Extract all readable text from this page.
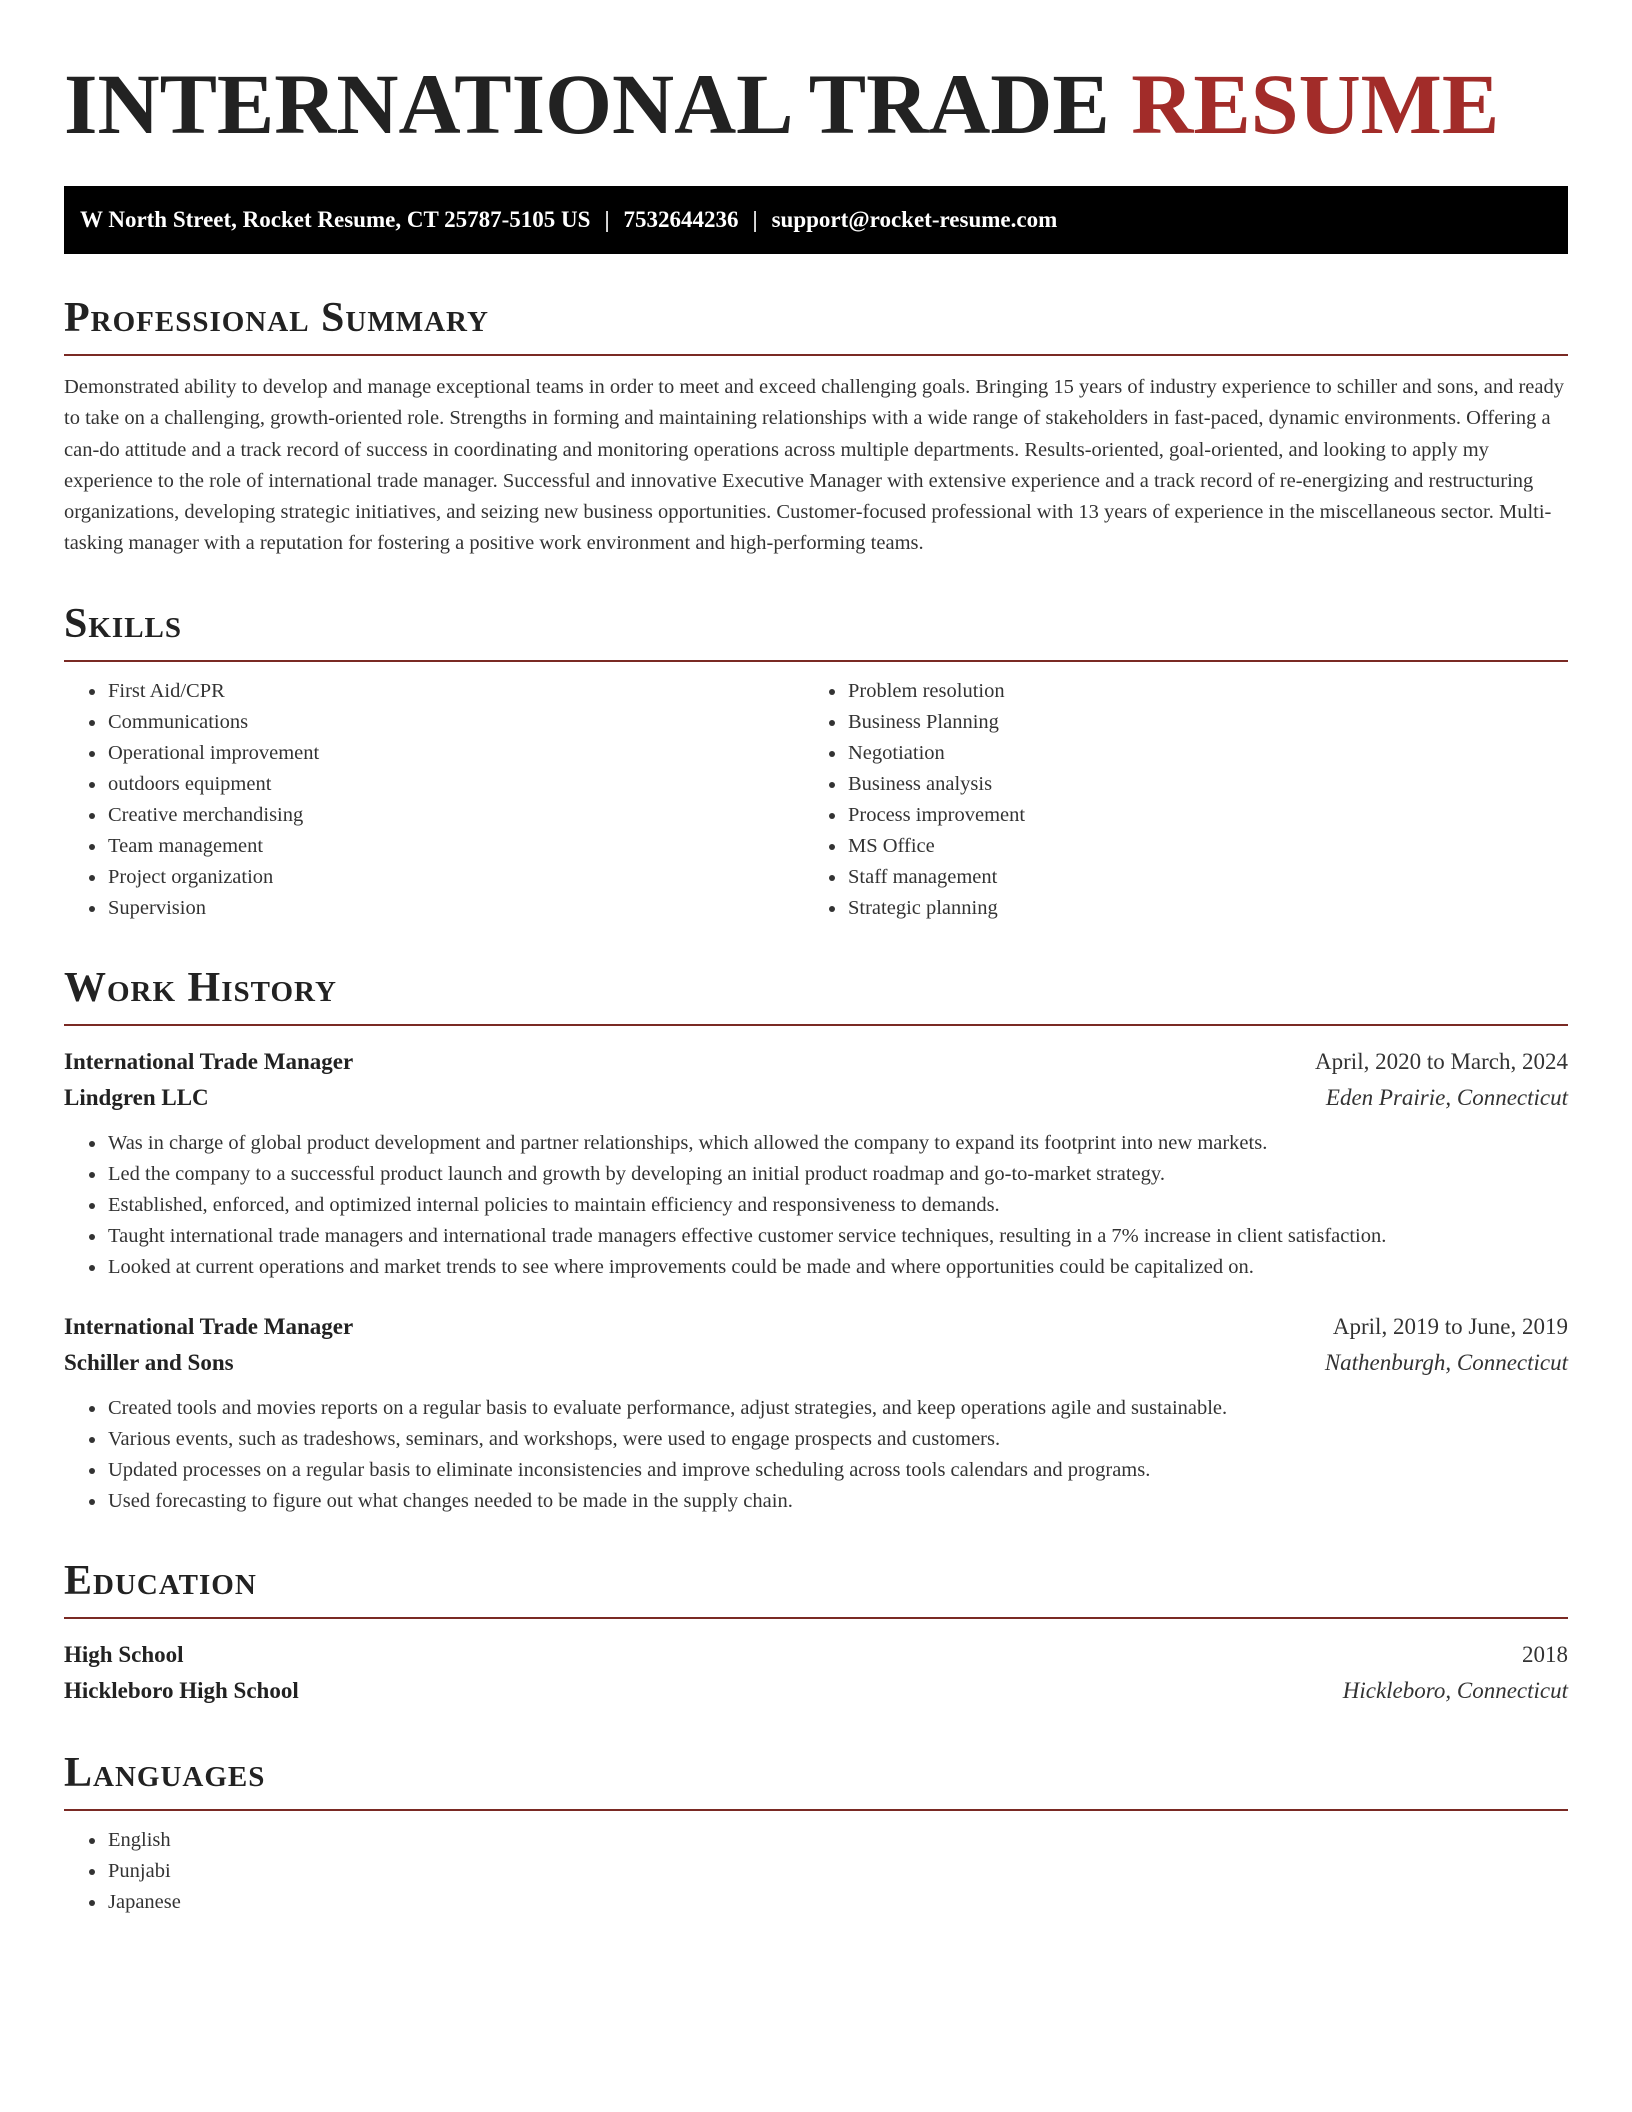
INTERNATIONAL TRADE RESUME
W North Street, Rocket Resume, CT 25787-5105 US | 7532644236 | support@rocket-resume.com
Professional Summary

Demonstrated ability to develop and manage exceptional teams in order to meet and exceed challenging goals. Bringing 15 years of industry experience to schiller and sons, and ready to take on a challenging, growth-oriented role. Strengths in forming and maintaining relationships with a wide range of stakeholders in fast-paced, dynamic environments. Offering a can-do attitude and a track record of success in coordinating and monitoring operations across multiple departments. Results-oriented, goal-oriented, and looking to apply my experience to the role of international trade manager. Successful and innovative Executive Manager with extensive experience and a track record of re-energizing and restructuring organizations, developing strategic initiatives, and seizing new business opportunities. Customer-focused professional with 13 years of experience in the miscellaneous sector. Multi-tasking manager with a reputation for fostering a positive work environment and high-performing teams.

Skills
• First Aid/CPR
• Communications
• Operational improvement
• outdoors equipment
• Creative merchandising
• Team management
• Project organization
• Supervision
• Problem resolution
• Business Planning
• Negotiation
• Business analysis
• Process improvement
• MS Office
• Staff management
• Strategic planning
Work History
International Trade Manager	April, 2020 to March, 2024
Lindgren LLC	Eden Prairie, Connecticut
• Was in charge of global product development and partner relationships, which allowed the company to expand its footprint into new markets.
• Led the company to a successful product launch and growth by developing an initial product roadmap and go-to-market strategy.
• Established, enforced, and optimized internal policies to maintain efficiency and responsiveness to demands.
• Taught international trade managers and international trade managers effective customer service techniques, resulting in a 7% increase in client satisfaction.
• Looked at current operations and market trends to see where improvements could be made and where opportunities could be capitalized on.
International Trade Manager	April, 2019 to June, 2019
Schiller and Sons	Nathenburgh, Connecticut
• Created tools and movies reports on a regular basis to evaluate performance, adjust strategies, and keep operations agile and sustainable.
• Various events, such as tradeshows, seminars, and workshops, were used to engage prospects and customers.
• Updated processes on a regular basis to eliminate inconsistencies and improve scheduling across tools calendars and programs.
• Used forecasting to figure out what changes needed to be made in the supply chain.
Education
High School	2018
Hickleboro High School	Hickleboro, Connecticut
Languages
• English
• Punjabi
• Japanese
